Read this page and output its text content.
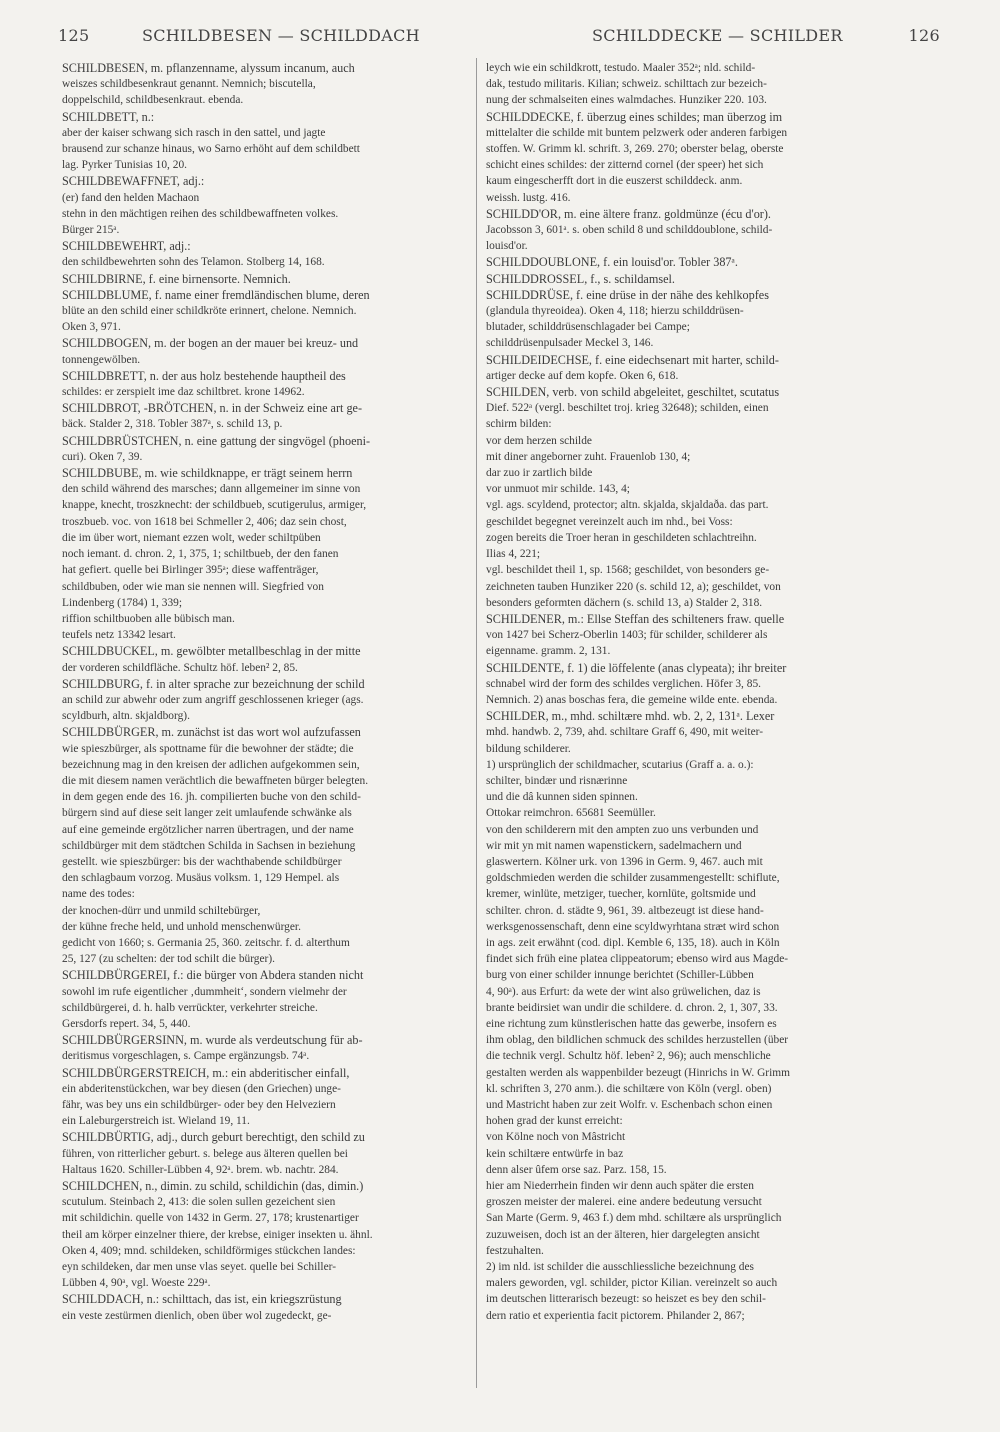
125	SCHILDBESEN — SCHILDDACH	SCHILDDECKE — SCHILDER	126
SCHILDBESEN, m. pflanzenname, alyssum incanum, auch
weiszes schildbesenkraut genannt. Nemnich; biscutella,
doppelschild, schildbesenkraut. ebenda.
SCHILDBETT, n.:
aber der kaiser schwang sich rasch in den sattel, und jagte
brausend zur schanze hinaus, wo Sarno erhöht auf dem schildbett
lag. Pyrker Tunisias 10, 20.
SCHILDBEWAFFNET, adj.:
(er) fand den helden Machaon
stehn in den mächtigen reihen des schildbewaffneten volkes.
Bürger 215ᵃ.
SCHILDBEWEHRT, adj.:
den schildbewehrten sohn des Telamon. Stolberg 14, 168.
SCHILDBIRNE, f. eine birnensorte. Nemnich.
SCHILDBLUME, f. name einer fremdländischen blume, deren
blüte an den schild einer schildkröte erinnert, chelone. Nemnich.
Oken 3, 971.
SCHILDBOGEN, m. der bogen an der mauer bei kreuz- und
tonnengewölben.
SCHILDBRETT, n. der aus holz bestehende hauptheil des
schildes: er zerspielt ime daz schiltbret. krone 14962.
SCHILDBROT, -BRÖTCHEN, n. in der Schweiz eine art ge-
bäck. Stalder 2, 318. Tobler 387ᵃ, s. schild 13, p.
SCHILDBRÜSTCHEN, n. eine gattung der singvögel (phoeni-
curi). Oken 7, 39.
SCHILDBUBE, m. wie schildknappe, er trägt seinem herrn
den schild während des marsches; dann allgemeiner im sinne von
knappe, knecht, troszknecht: der schildbueb, scutigerulus, armiger,
troszbueb. voc. von 1618 bei Schmeller 2, 406; daz sein chost,
die im über wort, niemant ezzen wolt, weder schiltpüben
noch iemant. d. chron. 2, 1, 375, 1; schiltbueb, der den fanen
hat gefiert. quelle bei Birlinger 395ᵃ; diese waffenträger,
schildbuben, oder wie man sie nennen will. Siegfried von
Lindenberg (1784) 1, 339;
riffion schiltbuoben alle bübisch man.
teufels netz 13342 lesart.
SCHILDBUCKEL, m. gewölbter metallbeschlag in der mitte
der vorderen schildfläche. Schultz höf. leben² 2, 85.
SCHILDBURG, f. in alter sprache zur bezeichnung der schild
an schild zur abwehr oder zum angriff geschlossenen krieger (ags.
scyldburh, altn. skjaldborg).
SCHILDBÜRGER, m. zunächst ist das wort wol aufzufassen
wie spieszbürger, als spottname für die bewohner der städte; die
bezeichnung mag in den kreisen der adlichen aufgekommen sein,
die mit diesem namen verächtlich die bewaffneten bürger belegten.
in dem gegen ende des 16. jh. compilierten buche von den schild-
bürgern sind auf diese seit langer zeit umlaufende schwänke als
auf eine gemeinde ergötzlicher narren übertragen, und der name
schildbürger mit dem städtchen Schilda in Sachsen in beziehung
gestellt. wie spieszbürger: bis der wachthabende schildbürger
den schlagbaum vorzog. Musäus volksm. 1, 129 Hempel. als
name des todes:
der knochen-dürr und unmild schiltebürger,
der kühne freche held, und unhold menschenwürger.
gedicht von 1660; s. Germania 25, 360. zeitschr. f. d. alterthum
25, 127 (zu schelten: der tod schilt die bürger).
SCHILDBÜRGEREI, f.: die bürger von Abdera standen nicht
sowohl im rufe eigentlicher ‚dummheit‘, sondern vielmehr der
schildbürgerei, d. h. halb verrückter, verkehrter streiche.
Gersdorfs repert. 34, 5, 440.
SCHILDBÜRGERSINN, m. wurde als verdeutschung für ab-
deritismus vorgeschlagen, s. Campe ergänzungsb. 74ᵃ.
SCHILDBÜRGERSTREICH, m.: ein abderitischer einfall,
ein abderitenstückchen, war bey diesen (den Griechen) unge-
fähr, was bey uns ein schildbürger- oder bey den Helveziern
ein Laleburgerstreich ist. Wieland 19, 11.
SCHILDBÜRTIG, adj., durch geburt berechtigt, den schild zu
führen, von ritterlicher geburt. s. belege aus älteren quellen bei
Haltaus 1620. Schiller-Lübben 4, 92ᵃ. brem. wb. nachtr. 284.
SCHILDCHEN, n., dimin. zu schild, schildichin (das, dimin.)
scutulum. Steinbach 2, 413: die solen sullen gezeichent sien
mit schildichin. quelle von 1432 in Germ. 27, 178; krustenartiger
theil am körper einzelner thiere, der krebse, einiger insekten u. ähnl.
Oken 4, 409; mnd. schildeken, schildförmiges stückchen landes:
eyn schildeken, dar men unse vlas seyet. quelle bei Schiller-
Lübben 4, 90ᵃ, vgl. Woeste 229ᵃ.
SCHILDDACH, n.: schilttach, das ist, ein kriegszrüstung
ein veste zestürmen dienlich, oben über wol zugedeckt, ge-
leych wie ein schildkrott, testudo. Maaler 352ᵃ; nld. schild-
dak, testudo militaris. Kilian; schweiz. schilttach zur bezeich-
nung der schmalseiten eines walmdaches. Hunziker 220. 103.
SCHILDDECKE, f. überzug eines schildes; man überzog im
mittelalter die schilde mit buntem pelzwerk oder anderen farbigen
stoffen. W. Grimm kl. schrift. 3, 269. 270; oberster belag, oberste
schicht eines schildes: der zitternd cornel (der speer) het sich
kaum eingescherfft dort in die euszerst schilddeck. anm.
weissh. lustg. 416.
SCHILDD'OR, m. eine ältere franz. goldmünze (écu d'or).
Jacobsson 3, 601ᵃ. s. oben schild 8 und schilddoublone, schild-
louisd'or.
SCHILDDOUBLONE, f. ein louisd'or. Tobler 387ᵃ.
SCHILDDROSSEL, f., s. schildamsel.
SCHILDDRÜSE, f. eine drüse in der nähe des kehlkopfes
(glandula thyreoidea). Oken 4, 118; hierzu schilddrüsen-
blutader, schilddrüsenschlagader bei Campe;
schilddrüsenpulsader Meckel 3, 146.
SCHILDEIDECHSE, f. eine eidechsenart mit harter, schild-
artiger decke auf dem kopfe. Oken 6, 618.
SCHILDEN, verb. von schild abgeleitet, geschiltet, scutatus
Dief. 522ᵃ (vergl. beschiltet troj. krieg 32648); schilden, einen
schirm bilden:
vor dem herzen schilde
mit diner angeborner zuht. Frauenlob 130, 4;
dar zuo ir zartlich bilde
vor unmuot mir schilde. 143, 4;
vgl. ags. scyldend, protector; altn. skjalda, skjaldaða. das part.
geschildet begegnet vereinzelt auch im nhd., bei Voss:
zogen bereits die Troer heran in geschildeten schlachtreihn.
Ilias 4, 221;
vgl. beschildet theil 1, sp. 1568; geschildet, von besonders ge-
zeichneten tauben Hunziker 220 (s. schild 12, a); geschildet, von
besonders geformten dächern (s. schild 13, a) Stalder 2, 318.
SCHILDENER, m.: Ellse Steffan des schilteners fraw. quelle
von 1427 bei Scherz-Oberlin 1403; für schilder, schilderer als
eigenname. gramm. 2, 131.
SCHILDENTE, f. 1) die löffelente (anas clypeata); ihr breiter
schnabel wird der form des schildes verglichen. Höfer 3, 85.
Nemnich. 2) anas boschas fera, die gemeine wilde ente. ebenda.
SCHILDER, m., mhd. schiltære mhd. wb. 2, 2, 131ᵃ. Lexer
mhd. handwb. 2, 739, ahd. schiltare Graff 6, 490, mit weiter-
bildung schilderer.
1) ursprünglich der schildmacher, scutarius (Graff a. a. o.):
schilter, bindær und risnærinne
und die dâ kunnen siden spinnen.
Ottokar reimchron. 65681 Seemüller.
von den schilderern mit den ampten zuo uns verbunden und
wir mit yn mit namen wapenstickern, sadelmachern und
glaswertern. Kölner urk. von 1396 in Germ. 9, 467. auch mit
goldschmieden werden die schilder zusammengestellt: schiflute,
kremer, winlüte, metziger, tuecher, kornlüte, goltsmide und
schilter. chron. d. städte 9, 961, 39. altbezeugt ist diese hand-
werksgenossenschaft, denn eine scyldwyrhtana stræt wird schon
in ags. zeit erwähnt (cod. dipl. Kemble 6, 135, 18). auch in Köln
findet sich früh eine platea clippeatorum; ebenso wird aus Magde-
burg von einer schilder innunge berichtet (Schiller-Lübben
4, 90ᵃ). aus Erfurt: da wete der wint also grüwelichen, daz is
brante beidirsiet wan undir die schildere. d. chron. 2, 1, 307, 33.
eine richtung zum künstlerischen hatte das gewerbe, insofern es
ihm oblag, den bildlichen schmuck des schildes herzustellen (über
die technik vergl. Schultz höf. leben² 2, 96); auch menschliche
gestalten werden als wappenbilder bezeugt (Hinrichs in W. Grimm
kl. schriften 3, 270 anm.). die schiltære von Köln (vergl. oben)
und Mastricht haben zur zeit Wolfr. v. Eschenbach schon einen
hohen grad der kunst erreicht:
von Kölne noch von Mâstricht
kein schiltære entwürfe in baz
denn alser ûfem orse saz. Parz. 158, 15.
hier am Niederrhein finden wir denn auch später die ersten
groszen meister der malerei. eine andere bedeutung versucht
San Marte (Germ. 9, 463 f.) dem mhd. schiltære als ursprünglich
zuzuweisen, doch ist an der älteren, hier dargelegten ansicht
festzuhalten.
2) im nld. ist schilder die ausschliessliche bezeichnung des
malers geworden, vgl. schilder, pictor Kilian. vereinzelt so auch
im deutschen litterarisch bezeugt: so heiszet es bey den schil-
dern ratio et experientia facit pictorem. Philander 2, 867;
